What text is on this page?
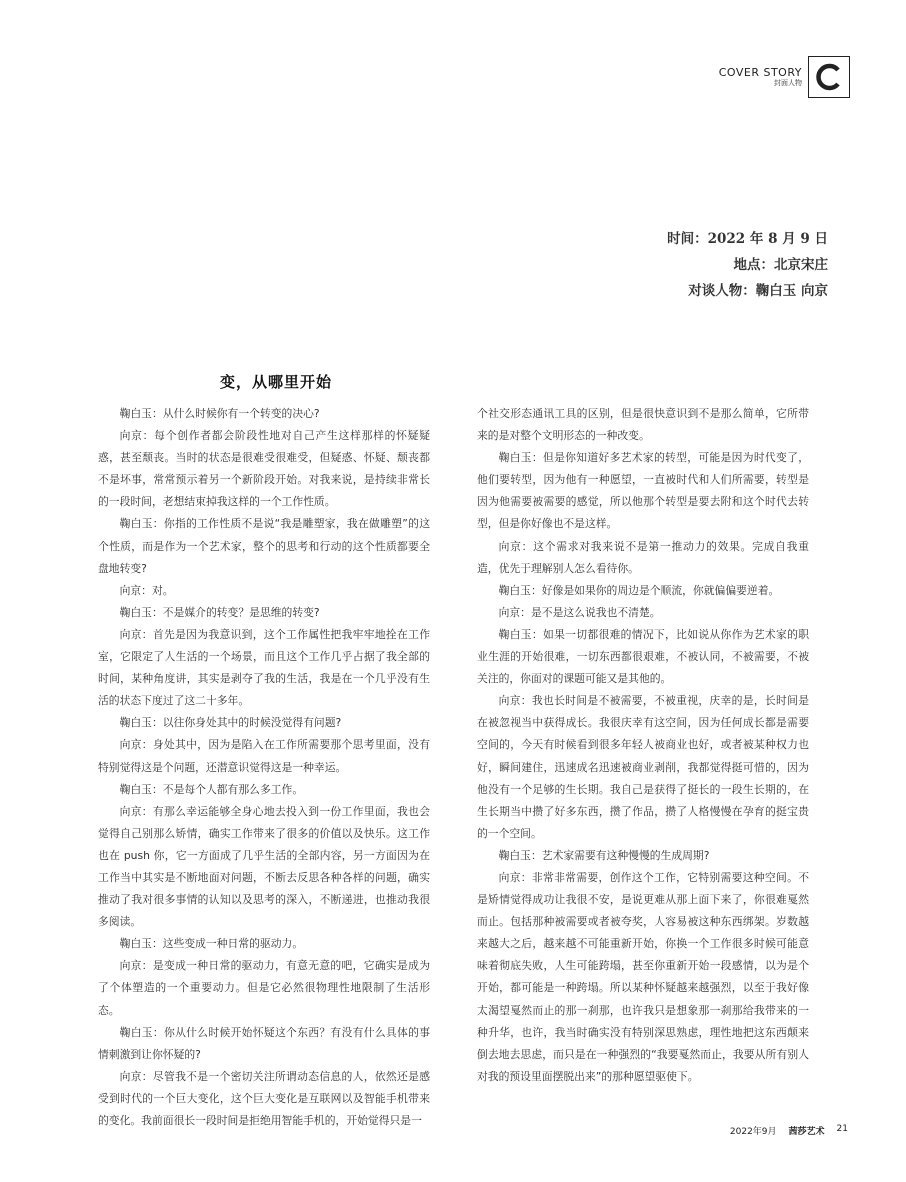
COVER STORY
封面人物
时间：2022 年 8 月 9 日
地点：北京宋庄
对谈人物：鞠白玉 向京
变，从哪里开始

鞠白玉：从什么时候你有一个转变的决心?

向京：每个创作者都会阶段性地对自己产生这样那样的怀疑疑惑，甚至颓丧。当时的状态是很难受很难受，但疑惑、怀疑、颓丧都不是坏事，常常预示着另一个新阶段开始。对我来说，是持续非常长的一段时间，老想结束掉我这样的一个工作性质。

鞠白玉：你指的工作性质不是说“我是雕塑家，我在做雕塑”的这个性质，而是作为一个艺术家，整个的思考和行动的这个性质都要全盘地转变?

向京：对。

鞠白玉：不是媒介的转变？是思维的转变?

向京：首先是因为我意识到，这个工作属性把我牢牢地拴在工作室，它限定了人生活的一个场景，而且这个工作几乎占据了我全部的时间，某种角度讲，其实是剥夺了我的生活，我是在一个几乎没有生活的状态下度过了这二十多年。

鞠白玉：以往你身处其中的时候没觉得有问题?

向京：身处其中，因为是陷入在工作所需要那个思考里面，没有特别觉得这是个问题，还潜意识觉得这是一种幸运。

鞠白玉：不是每个人都有那么多工作。

向京：有那么幸运能够全身心地去投入到一份工作里面，我也会觉得自己别那么矫情，确实工作带来了很多的价值以及快乐。这工作也在 push 你，它一方面成了几乎生活的全部内容，另一方面因为在工作当中其实是不断地面对问题，不断去反思各种各样的问题，确实推动了我对很多事情的认知以及思考的深入，不断递进，也推动我很多阅读。

鞠白玉：这些变成一种日常的驱动力。

向京：是变成一种日常的驱动力，有意无意的吧，它确实是成为了个体塑造的一个重要动力。但是它必然很物理性地限制了生活形态。

鞠白玉：你从什么时候开始怀疑这个东西？有没有什么具体的事情刺激到让你怀疑的?

向京：尽管我不是一个密切关注所谓动态信息的人，依然还是感受到时代的一个巨大变化，这个巨大变化是互联网以及智能手机带来的变化。我前面很长一段时间是拒绝用智能手机的，开始觉得只是一

个社交形态通讯工具的区别，但是很快意识到不是那么简单，它所带来的是对整个文明形态的一种改变。

鞠白玉：但是你知道好多艺术家的转型，可能是因为时代变了，他们要转型，因为他有一种愿望，一直被时代和人们所需要，转型是因为他需要被需要的感觉，所以他那个转型是要去附和这个时代去转型，但是你好像也不是这样。

向京：这个需求对我来说不是第一推动力的效果。完成自我重造，优先于理解别人怎么看待你。

鞠白玉：好像是如果你的周边是个顺流，你就偏偏要逆着。

向京：是不是这么说我也不清楚。

鞠白玉：如果一切都很难的情况下，比如说从你作为艺术家的职业生涯的开始很难，一切东西都很艰难，不被认同，不被需要，不被关注的，你面对的课题可能又是其他的。

向京：我也长时间是不被需要，不被重视，庆幸的是，长时间是在被忽视当中获得成长。我很庆幸有这空间，因为任何成长都是需要空间的，今天有时候看到很多年轻人被商业也好，或者被某种权力也好，瞬间建住，迅速成名迅速被商业剥削，我都觉得挺可惜的，因为他没有一个足够的生长期。我自己是获得了挺长的一段生长期的，在生长期当中攒了好多东西，攒了作品，攒了人格慢慢在孕育的挺宝贵的一个空间。

鞠白玉：艺术家需要有这种慢慢的生成周期?

向京：非常非常需要，创作这个工作，它特别需要这种空间。不是矫情觉得成功让我很不安，是说更难从那上面下来了，你很难戛然而止。包括那种被需要或者被夸奖，人容易被这种东西绑架。岁数越来越大之后，越来越不可能重新开始，你换一个工作很多时候可能意味着彻底失败，人生可能跨塌，甚至你重新开始一段感情，以为是个开始，都可能是一种跨塌。所以某种怀疑越来越强烈，以至于我好像太渴望戛然而止的那一刹那，也许我只是想象那一刹那给我带来的一种升华，也许，我当时确实没有特别深思熟虑，理性地把这东西颠来倒去地去思虑，而只是在一种强烈的“我要戛然而止，我要从所有别人对我的预设里面摆脱出来”的那种愿望驱使下。

2022年9月 茜莎艺术 21
